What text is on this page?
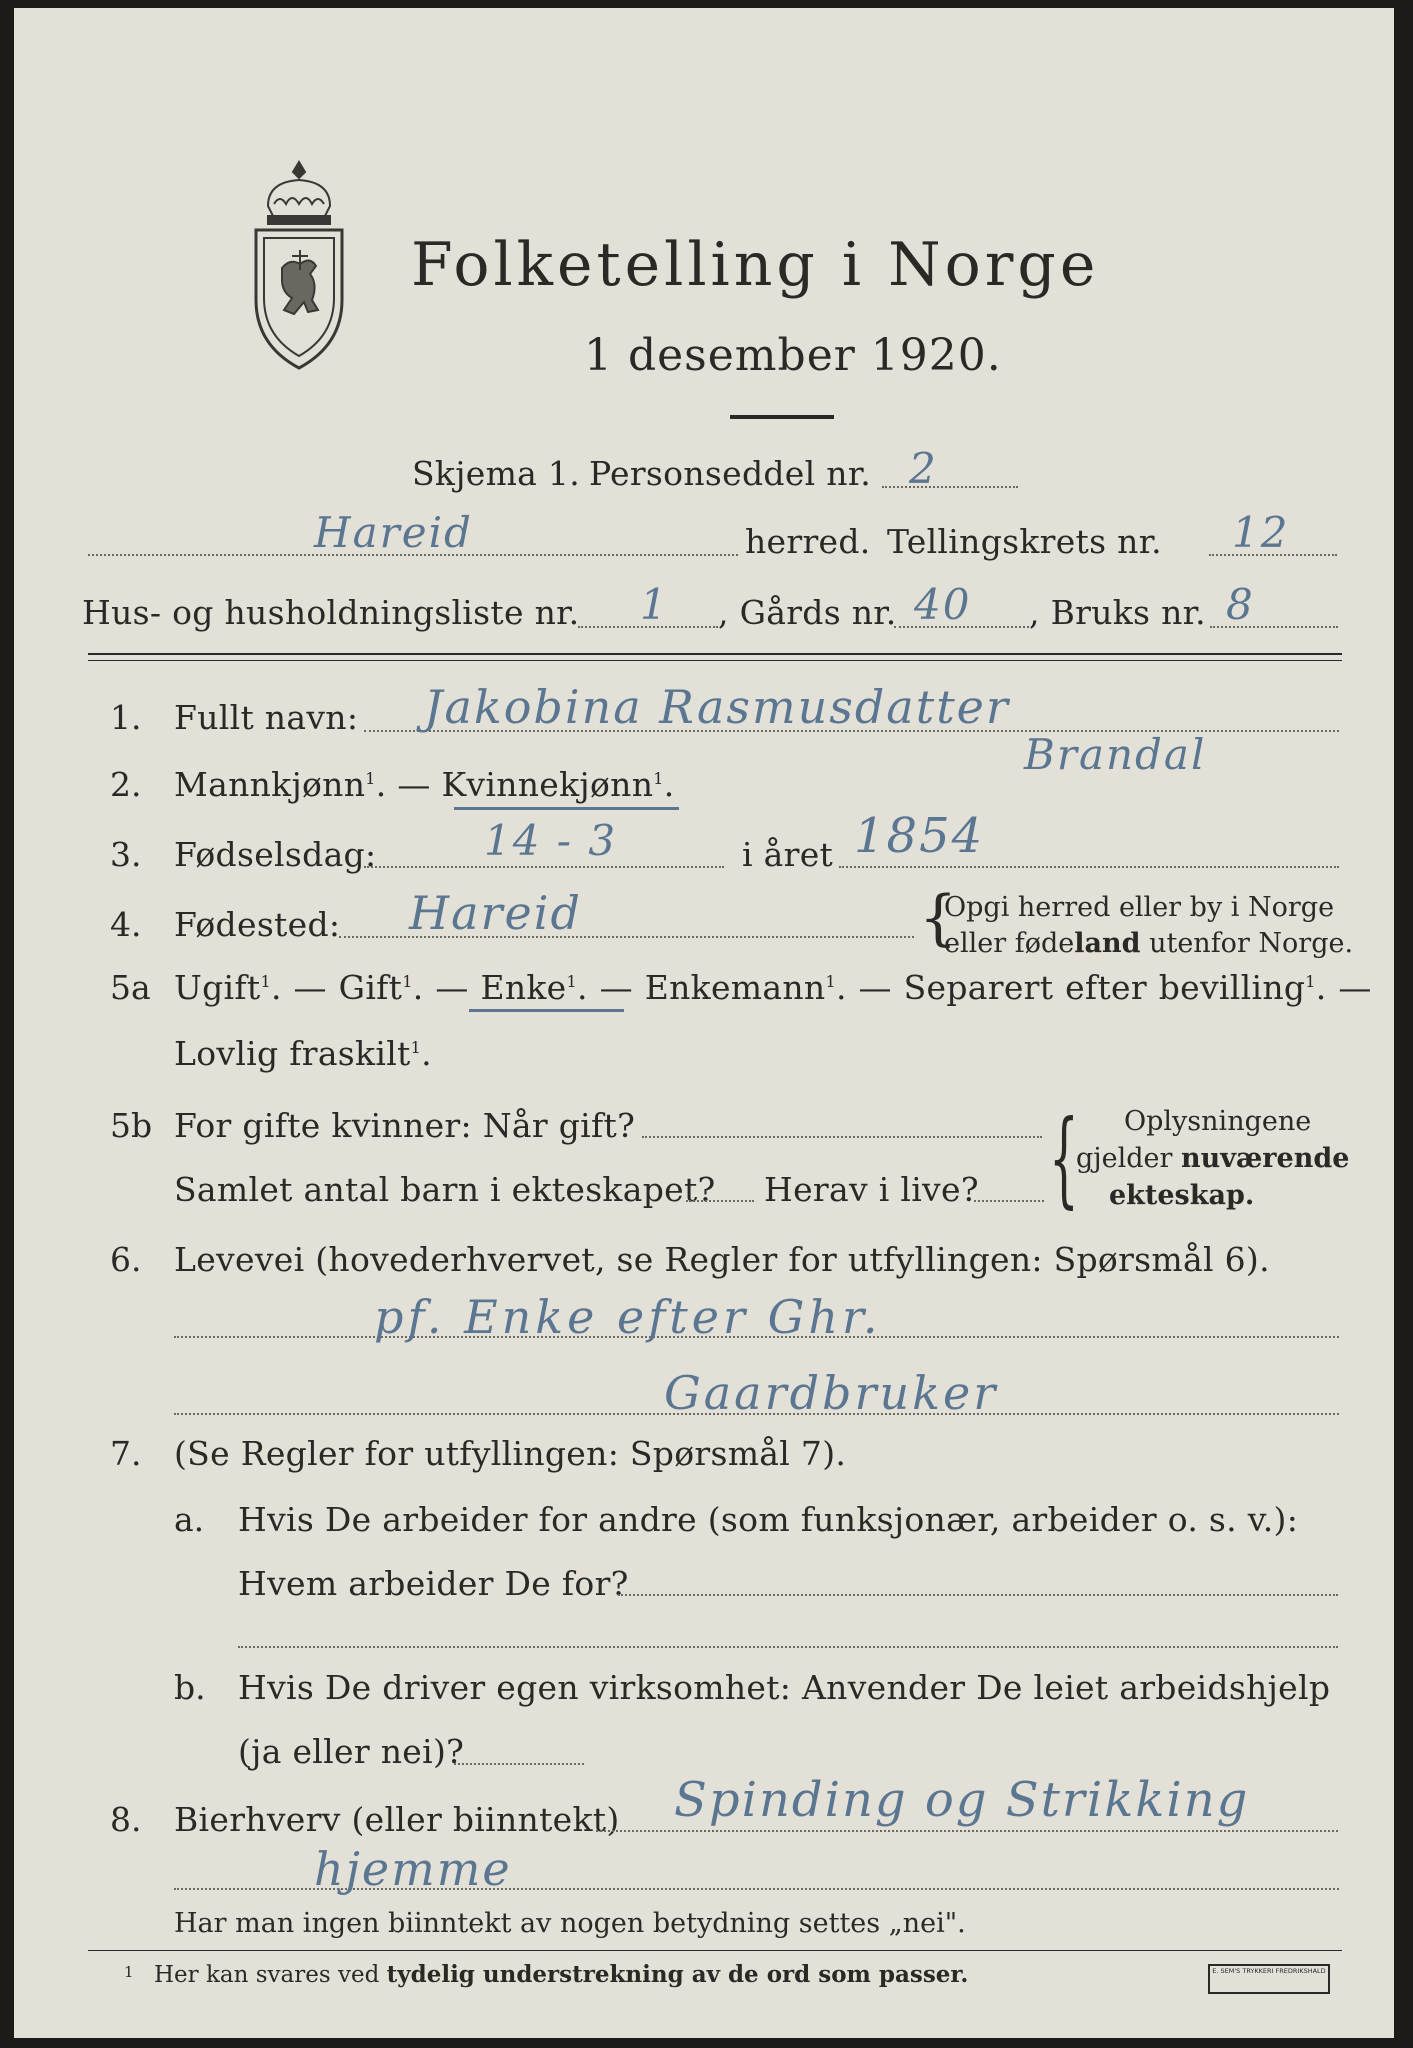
Folketelling i Norge
1 desember 1920.
Skjema 1. Personseddel nr. 2
Hareid	herred. Tellingskrets nr. 12
Hus- og husholdningsliste nr. 1 , Gårds nr. 40 , Bruks nr. 8
1. Fullt navn: Jakobina Rasmusdatter
Brandal
2. Mannkjønn$^1$. — Kvinnekjønn$^1$.
3. Fødselsdag:	14 - 3	i året 1854
4. Fødested: Hareid	{
Opgi herred eller by i Norge
eller fødeland utenfor Norge.
5a Ugift$^1$. — Gift$^1$. — Enke$^1$. — Enkemann$^1$. — Separert efter bevilling$^1$. —
Lovlig fraskilt$^1$.
5b For gifte kvinner: Når gift?
Samlet antal barn i ekteskapet? Herav i live? { Oplysningene
gjelder nuværende
ekteskap.
6. Levevei (hovederhvervet, se Regler for utfyllingen: Spørsmål 6).
pf. Enke efter Ghr.
Gaardbruker
7. (Se Regler for utfyllingen: Spørsmål 7).
a. Hvis De arbeider for andre (som funksjonær, arbeider o. s. v.):
Hvem arbeider De for?
b. Hvis De driver egen virksomhet: Anvender De leiet arbeidshjelp
(ja eller nei)?
8. Bierhverv (eller biinntekt) Spinding og Strikking
hjemme
Har man ingen biinntekt av nogen betydning settes „nei".
1 Her kan svares ved tydelig understrekning av de ord som passer.	E. SEM'S TRYKKERI FREDRIKSHALD
